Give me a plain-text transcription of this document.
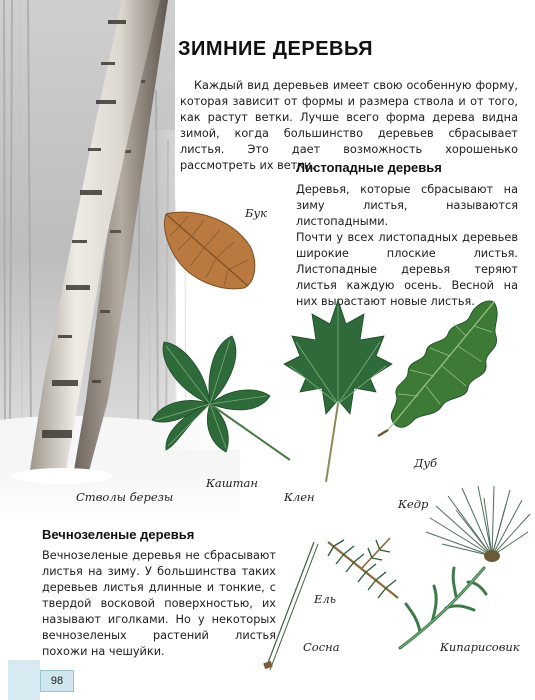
ЗИМНИЕ ДЕРЕВЬЯ
Каждый вид деревьев имеет свою особенную форму, которая зависит от формы и размера ствола и от того, как растут ветки. Лучше всего форма дерева видна зимой, когда большинство деревьев сбрасывает листья. Это дает возможность хорошенько рассмотреть их ветки.
Листопадные деревья

Деревья, которые сбрасывают на зиму листья, называются листопадными.

Почти у всех листопадных деревьев широкие плоские листья. Листопадные деревья теряют листья каждую осень. Весной на них вырастают новые листья.

Бук
Стволы березы
Каштан
Клен
Дуб
Кедр
Ель
Сосна	Кипарисовик
Вечнозеленые деревья

Вечнозеленые деревья не сбрасывают листья на зиму. У большинства таких деревьев листья длинные и тонкие, с твердой восковой поверхностью, их называют иголками. Но у некоторых вечнозеленых растений листья похожи на чешуйки.

98
